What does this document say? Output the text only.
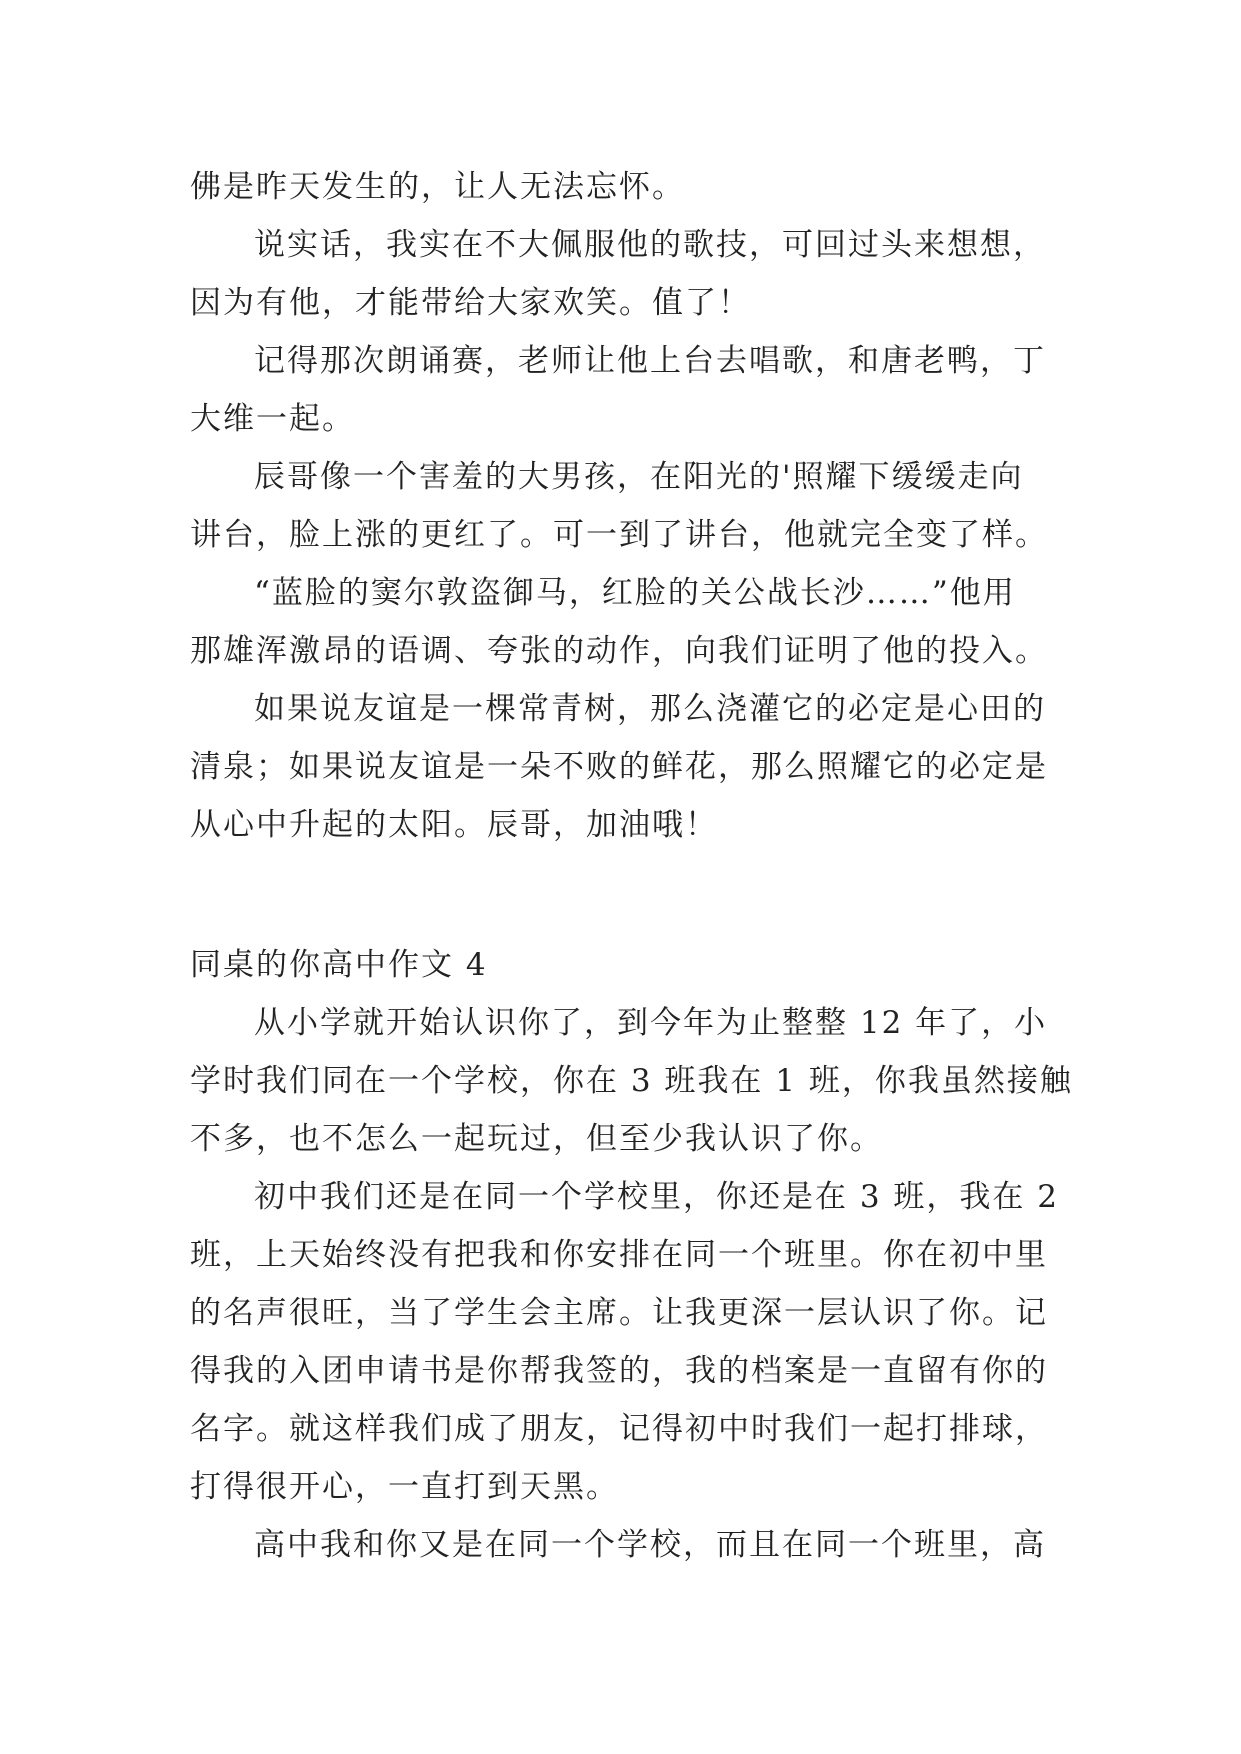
佛是昨天发生的，让人无法忘怀。
说实话，我实在不大佩服他的歌技，可回过头来想想，
因为有他，才能带给大家欢笑。值了！
记得那次朗诵赛，老师让他上台去唱歌，和唐老鸭，丁
大维一起。
辰哥像一个害羞的大男孩，在阳光的'照耀下缓缓走向
讲台，脸上涨的更红了。可一到了讲台，他就完全变了样。
“蓝脸的窦尔敦盗御马，红脸的关公战长沙……”他用
那雄浑激昂的语调、夸张的动作，向我们证明了他的投入。
如果说友谊是一棵常青树，那么浇灌它的必定是心田的
清泉；如果说友谊是一朵不败的鲜花，那么照耀它的必定是
从心中升起的太阳。辰哥，加油哦！
同桌的你高中作文 4
从小学就开始认识你了，到今年为止整整 12 年了，小
学时我们同在一个学校，你在 3 班我在 1 班，你我虽然接触
不多，也不怎么一起玩过，但至少我认识了你。
初中我们还是在同一个学校里，你还是在 3 班，我在 2
班，上天始终没有把我和你安排在同一个班里。你在初中里
的名声很旺，当了学生会主席。让我更深一层认识了你。记
得我的入团申请书是你帮我签的，我的档案是一直留有你的
名字。就这样我们成了朋友，记得初中时我们一起打排球，
打得很开心，一直打到天黑。
高中我和你又是在同一个学校，而且在同一个班里，高
